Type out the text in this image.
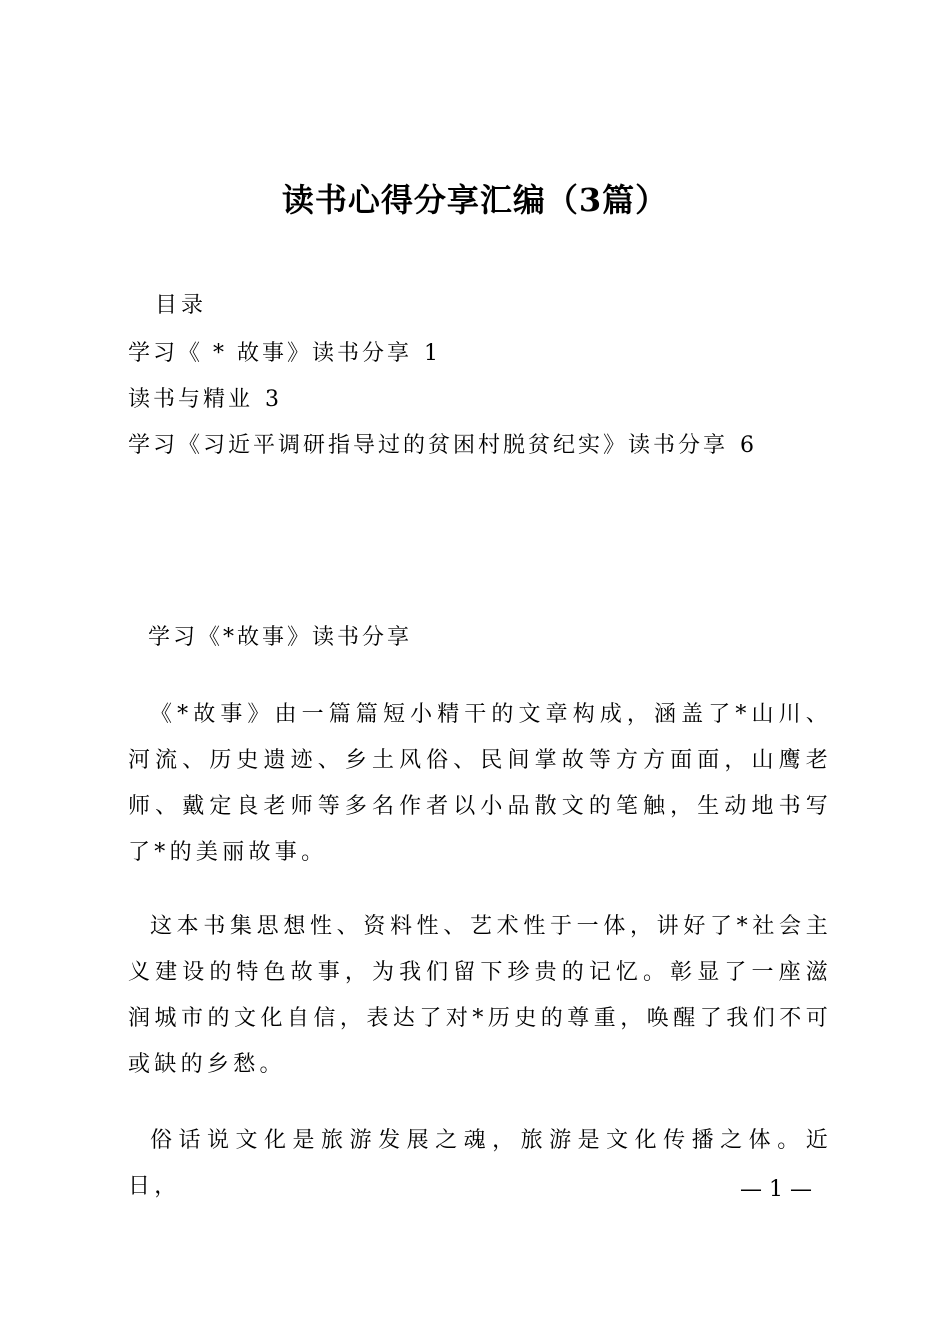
读书心得分享汇编（3篇）
目录
学习《 * 故事》读书分享 1
读书与精业 3
学习《习近平调研指导过的贫困村脱贫纪实》读书分享 6
学习《*故事》读书分享

《*故事》由一篇篇短小精干的文章构成，涵盖了*山川、河流、历史遗迹、乡土风俗、民间掌故等方方面面，山鹰老师、戴定良老师等多名作者以小品散文的笔触，生动地书写了*的美丽故事。

这本书集思想性、资料性、艺术性于一体，讲好了*社会主义建设的特色故事，为我们留下珍贵的记忆。彰显了一座滋润城市的文化自信，表达了对*历史的尊重，唤醒了我们不可或缺的乡愁。

俗话说文化是旅游发展之魂，旅游是文化传播之体。近日，	— 1 —
